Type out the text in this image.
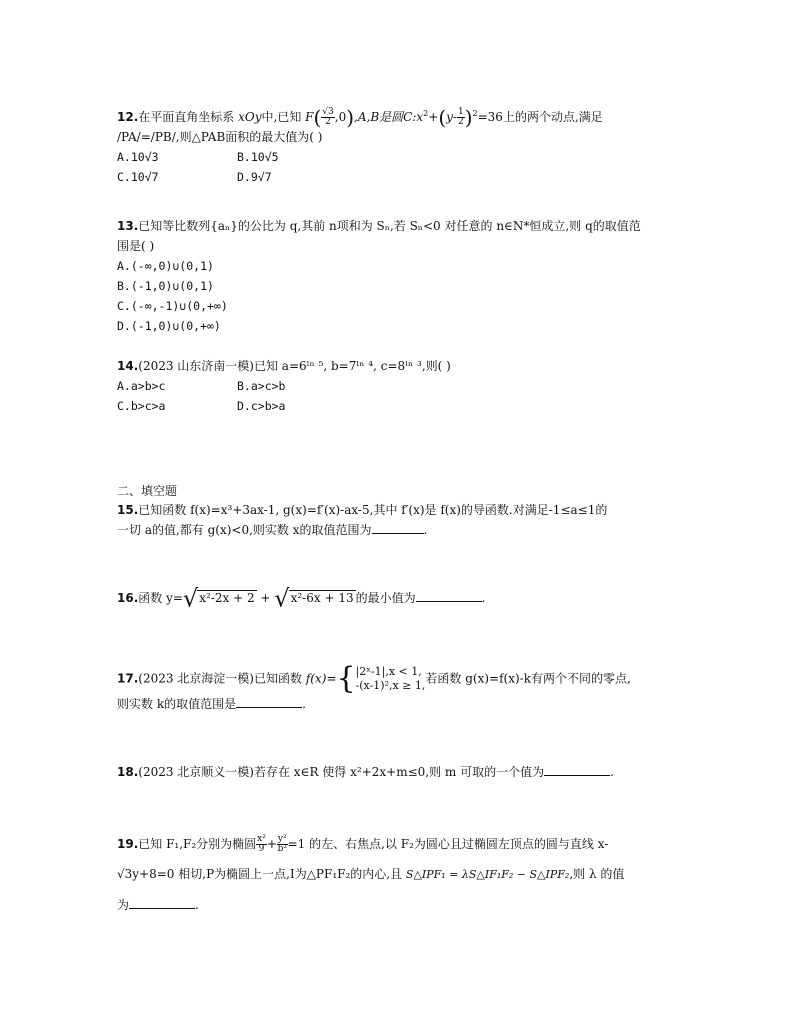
12.在平面直角坐标系 xOy中,已知 $F( \frac{√3}{2} ,0),A,B$是圆$C:x^2+(y- \frac{1}{2} )^2=36$上的两个动点,满足
/PA/=/PB/,则△PAB面积的最大值为( )
A.10√3	B.10√5
C.10√7	D.9√7
13.已知等比数列{aₙ}的公比为 q,其前 n项和为 Sₙ,若 Sₙ<0 对任意的 n∈N*恒成立,则 q的取值范
围是( )
A.(-∞,0)∪(0,1)
B.(-1,0)∪(0,1)
C.(-∞,-1)∪(0,+∞)
D.(-1,0)∪(0,+∞)
14.(2023 山东济南一模)已知 a=6ˡⁿ ⁵, b=7ˡⁿ ⁴, c=8ˡⁿ ³,则( )
A.a>b>c	B.a>c>b
C.b>c>a	D.c>b>a
二、填空题
15.已知函数 f(x)=x³+3ax-1, g(x)=f′(x)-ax-5,其中 f′(x)是 f(x)的导函数.对满足-1≤a≤1的
一切 a的值,都有 g(x)<0,则实数 x的取值范围为	.
16.函数 y=√x²-2x + 2 + √x²-6x + 13 的最小值为	.
17.(2023 北京海淀一模)已知函数 f(x)={ |2ˣ-1|,x < 1,
-(x-1)²,x ≥ 1, 若函数 g(x)=f(x)-k有两个不同的零点,
则实数 k的取值范围是	.
18.(2023 北京顺义一模)若存在 x∈R 使得 x²+2x+m≤0,则 m 可取的一个值为	.
19.已知 F₁,F₂分别为椭圆 $\frac{\text{x²}}{9} + \frac{\text{y²}}{\text{b²}} =1$ 的左、右焦点,以 F₂为圆心且过椭圆左顶点的圆与直线 x-
√3y+8=0 相切,P为椭圆上一点,I为△PF₁F₂的内心,且 S△IPF₁ = λS△IF₁F₂ − S△IPF₂,则 λ 的值
为	.
